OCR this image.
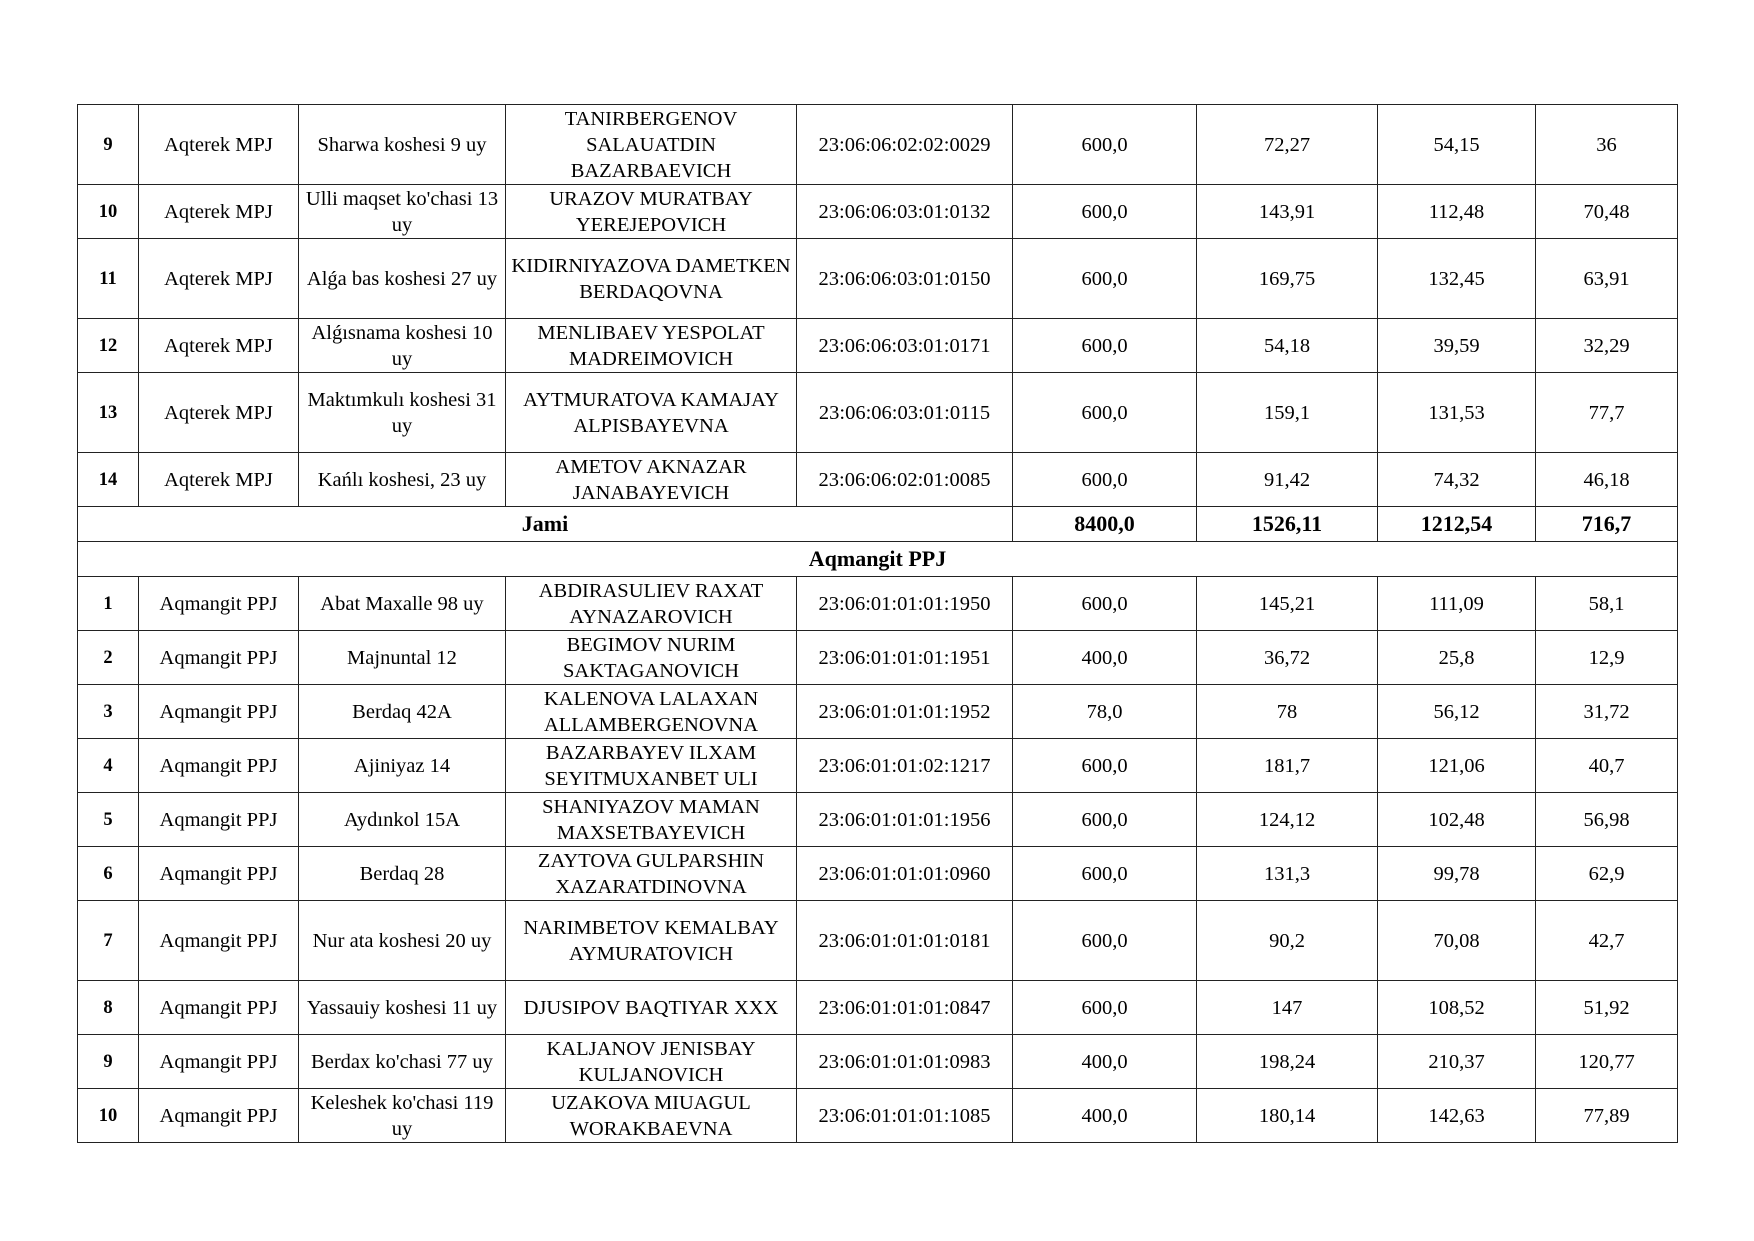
9	Aqterek MPJ	Sharwa koshesi 9 uy	TANIRBERGENOV SALAUATDIN BAZARBAEVICH	23:06:06:02:02:0029	600,0	72,27	54,15	36
10	Aqterek MPJ	Ulli maqset ko'chasi 13 uy	URAZOV MURATBAY YEREJEPOVICH	23:06:06:03:01:0132	600,0	143,91	112,48	70,48
11	Aqterek MPJ	Alǵa bas koshesi 27 uy	KIDIRNIYAZOVA DAMETKEN BERDAQOVNA	23:06:06:03:01:0150	600,0	169,75	132,45	63,91
12	Aqterek MPJ	Alǵısnama koshesi 10 uy	MENLIBAEV YESPOLAT MADREIMOVICH	23:06:06:03:01:0171	600,0	54,18	39,59	32,29
13	Aqterek MPJ	Maktımkulı koshesi 31 uy	AYTMURATOVA KAMAJAY ALPISBAYEVNA	23:06:06:03:01:0115	600,0	159,1	131,53	77,7
14	Aqterek MPJ	Kańlı koshesi, 23 uy	AMETOV AKNAZAR JANABAYEVICH	23:06:06:02:01:0085	600,0	91,42	74,32	46,18
Jami					8400,0	1526,11	1212,54	716,7
Aqmangit PPJ								
1	Aqmangit PPJ	Abat Maxalle 98 uy	ABDIRASULIEV RAXAT AYNAZAROVICH	23:06:01:01:01:1950	600,0	145,21	111,09	58,1
2	Aqmangit PPJ	Majnuntal 12	BEGIMOV NURIM SAKTAGANOVICH	23:06:01:01:01:1951	400,0	36,72	25,8	12,9
3	Aqmangit PPJ	Berdaq 42A	KALENOVA LALAXAN ALLAMBERGENOVNA	23:06:01:01:01:1952	78,0	78	56,12	31,72
4	Aqmangit PPJ	Ajiniyaz 14	BAZARBAYEV ILXAM SEYITMUXANBET ULI	23:06:01:01:02:1217	600,0	181,7	121,06	40,7
5	Aqmangit PPJ	Aydınkol 15A	SHANIYAZOV MAMAN MAXSETBAYEVICH	23:06:01:01:01:1956	600,0	124,12	102,48	56,98
6	Aqmangit PPJ	Berdaq 28	ZAYTOVA GULPARSHIN XAZARATDINOVNA	23:06:01:01:01:0960	600,0	131,3	99,78	62,9
7	Aqmangit PPJ	Nur ata koshesi 20 uy	NARIMBETOV KEMALBAY AYMURATOVICH	23:06:01:01:01:0181	600,0	90,2	70,08	42,7
8	Aqmangit PPJ	Yassauiy koshesi 11 uy	DJUSIPOV BAQTIYAR XXX	23:06:01:01:01:0847	600,0	147	108,52	51,92
9	Aqmangit PPJ	Berdax ko'chasi 77 uy	KALJANOV JENISBAY KULJANOVICH	23:06:01:01:01:0983	400,0	198,24	210,37	120,77
10	Aqmangit PPJ	Keleshek ko'chasi 119 uy	UZAKOVA MIUAGUL WORAKBAEVNA	23:06:01:01:01:1085	400,0	180,14	142,63	77,89
